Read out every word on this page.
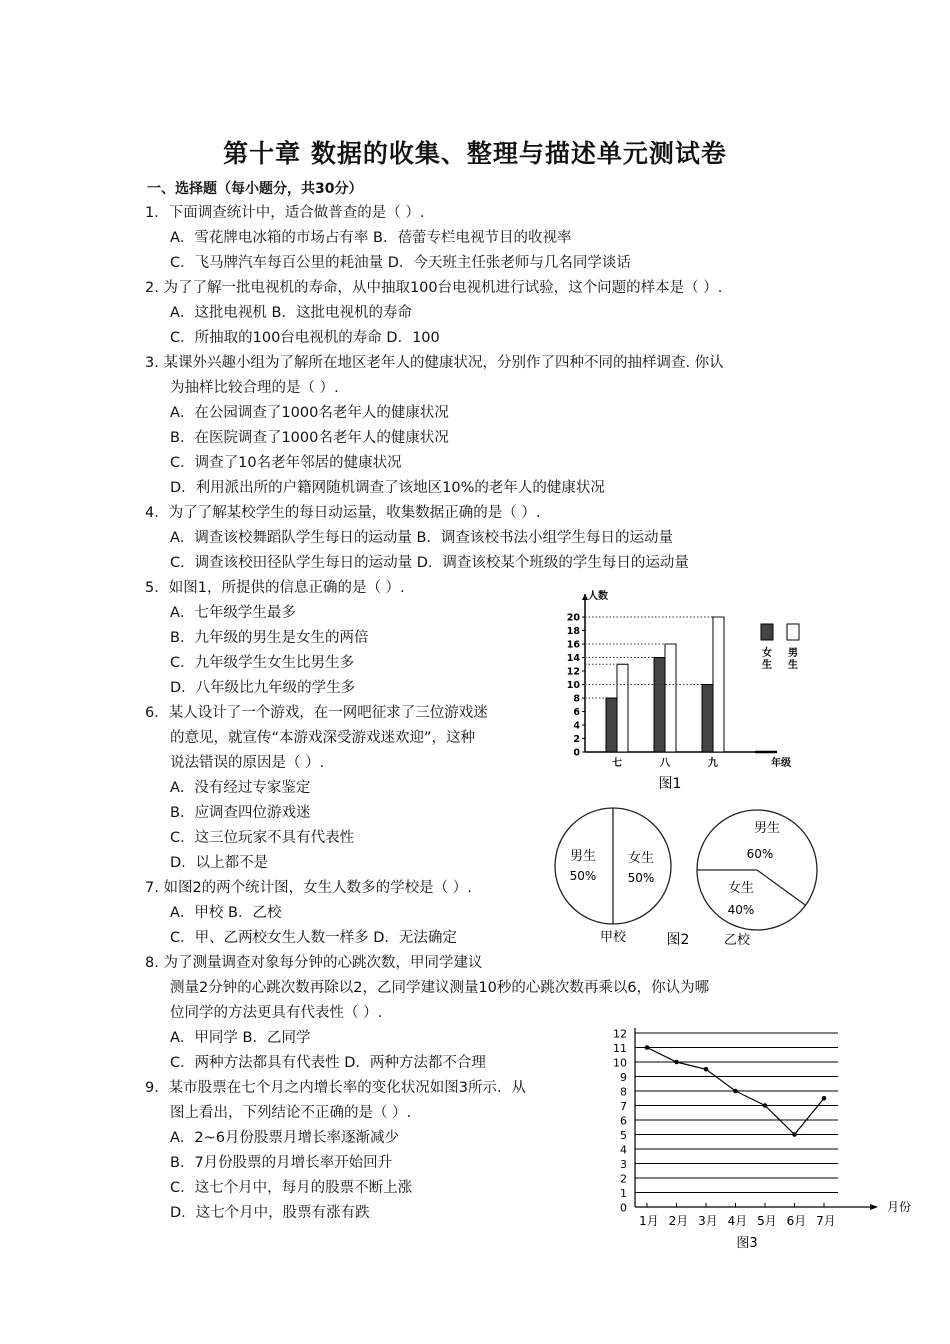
第十章 数据的收集、整理与描述单元测试卷
一、选择题（每小题分，共30分）
1．下面调查统计中，适合做普查的是（ ）.
A．雪花牌电冰箱的市场占有率 B．蓓蕾专栏电视节目的收视率
C．飞马牌汽车每百公里的耗油量 D．今天班主任张老师与几名同学谈话
2. 为了了解一批电视机的寿命，从中抽取100台电视机进行试验，这个问题的样本是（ ）.
A．这批电视机 B．这批电视机的寿命
C．所抽取的100台电视机的寿命 D．100
3. 某课外兴趣小组为了解所在地区老年人的健康状况，分别作了四种不同的抽样调查. 你认
为抽样比较合理的是（ ）.
A．在公园调查了1000名老年人的健康状况
B．在医院调查了1000名老年人的健康状况
C．调查了10名老年邻居的健康状况
D．利用派出所的户籍网随机调查了该地区10%的老年人的健康状况
4．为了了解某校学生的每日动运量，收集数据正确的是（ ）.
A．调查该校舞蹈队学生每日的运动量 B．调查该校书法小组学生每日的运动量
C．调查该校田径队学生每日的运动量 D．调查该校某个班级的学生每日的运动量
5．如图1，所提供的信息正确的是（ ）.
A．七年级学生最多
B．九年级的男生是女生的两倍
C．九年级学生女生比男生多
D．八年级比九年级的学生多
6．某人设计了一个游戏，在一网吧征求了三位游戏迷
的意见，就宣传“本游戏深受游戏迷欢迎”，这种
说法错误的原因是（ ）.
A．没有经过专家鉴定
B．应调查四位游戏迷
C．这三位玩家不具有代表性
D．以上都不是
7. 如图2的两个统计图，女生人数多的学校是（ ）.
A．甲校 B．乙校
C．甲、乙两校女生人数一样多 D．无法确定
8. 为了测量调查对象每分钟的心跳次数，甲同学建议
测量2分钟的心跳次数再除以2，乙同学建议测量10秒的心跳次数再乘以6，你认为哪
位同学的方法更具有代表性（ ）.
A．甲同学 B．乙同学
C．两种方法都具有代表性 D．两种方法都不合理
9．某市股票在七个月之内增长率的变化状况如图3所示．从
图上看出，下列结论不正确的是（ ）.
A．2~6月份股票月增长率逐渐减少
B．7月份股票的月增长率开始回升
C．这七个月中，每月的股票不断上涨
D．这七个月中，股票有涨有跌
人数
0
2
4
6
8
10
12
14
16
18
20
七	八	九	年级
女
生
男
生
图1
男生
50%
女生
50%
甲校
男生
60%
女生
40%
乙校
图2
0
1
2
3
4
5
6
7
8
9
10
11
12
1月 2月 3月 4月 5月 6月 7月
月份
图3
